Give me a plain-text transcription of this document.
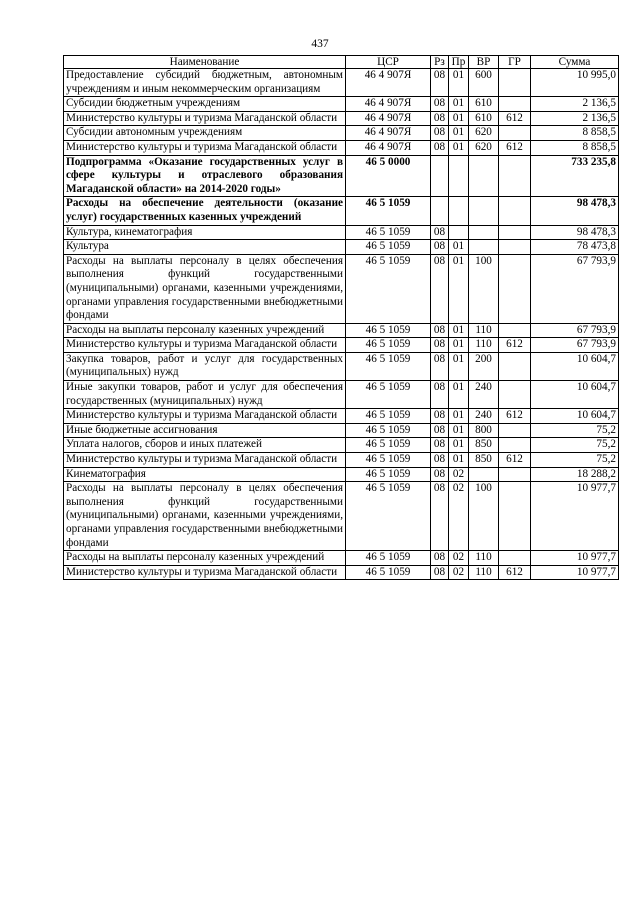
437
Наименование	ЦСР	Рз	Пр	ВР	ГР	Сумма
Предоставление субсидий бюджетным, автономным учреждениям и иным некоммерческим организациям	46 4 907Я	08	01	600		10 995,0
Субсидии бюджетным учреждениям	46 4 907Я	08	01	610		2 136,5
Министерство культуры и туризма Магаданской области	46 4 907Я	08	01	610	612	2 136,5
Субсидии автономным учреждениям	46 4 907Я	08	01	620		8 858,5
Министерство культуры и туризма Магаданской области	46 4 907Я	08	01	620	612	8 858,5
Подпрограмма «Оказание государственных услуг в сфере культуры и отраслевого образования Магаданской области» на 2014-2020 годы»	46 5 0000					733 235,8
Расходы на обеспечение деятельности (оказание услуг) государственных казенных учреждений	46 5 1059					98 478,3
Культура, кинематография	46 5 1059	08				98 478,3
Культура	46 5 1059	08	01			78 473,8
Расходы на выплаты персоналу в целях обеспечения выполнения функций государственными (муниципальными) органами, казенными учреждениями, органами управления государственными внебюджетными фондами	46 5 1059	08	01	100		67 793,9
Расходы на выплаты персоналу казенных учреждений	46 5 1059	08	01	110		67 793,9
Министерство культуры и туризма Магаданской области	46 5 1059	08	01	110	612	67 793,9
Закупка товаров, работ и услуг для государственных (муниципальных) нужд	46 5 1059	08	01	200		10 604,7
Иные закупки товаров, работ и услуг для обеспечения государственных (муниципальных) нужд	46 5 1059	08	01	240		10 604,7
Министерство культуры и туризма Магаданской области	46 5 1059	08	01	240	612	10 604,7
Иные бюджетные ассигнования	46 5 1059	08	01	800		75,2
Уплата налогов, сборов и иных платежей	46 5 1059	08	01	850		75,2
Министерство культуры и туризма Магаданской области	46 5 1059	08	01	850	612	75,2
Кинематография	46 5 1059	08	02			18 288,2
Расходы на выплаты персоналу в целях обеспечения выполнения функций государственными (муниципальными) органами, казенными учреждениями, органами управления государственными внебюджетными фондами	46 5 1059	08	02	100		10 977,7
Расходы на выплаты персоналу казенных учреждений	46 5 1059	08	02	110		10 977,7
Министерство культуры и туризма Магаданской области	46 5 1059	08	02	110	612	10 977,7
